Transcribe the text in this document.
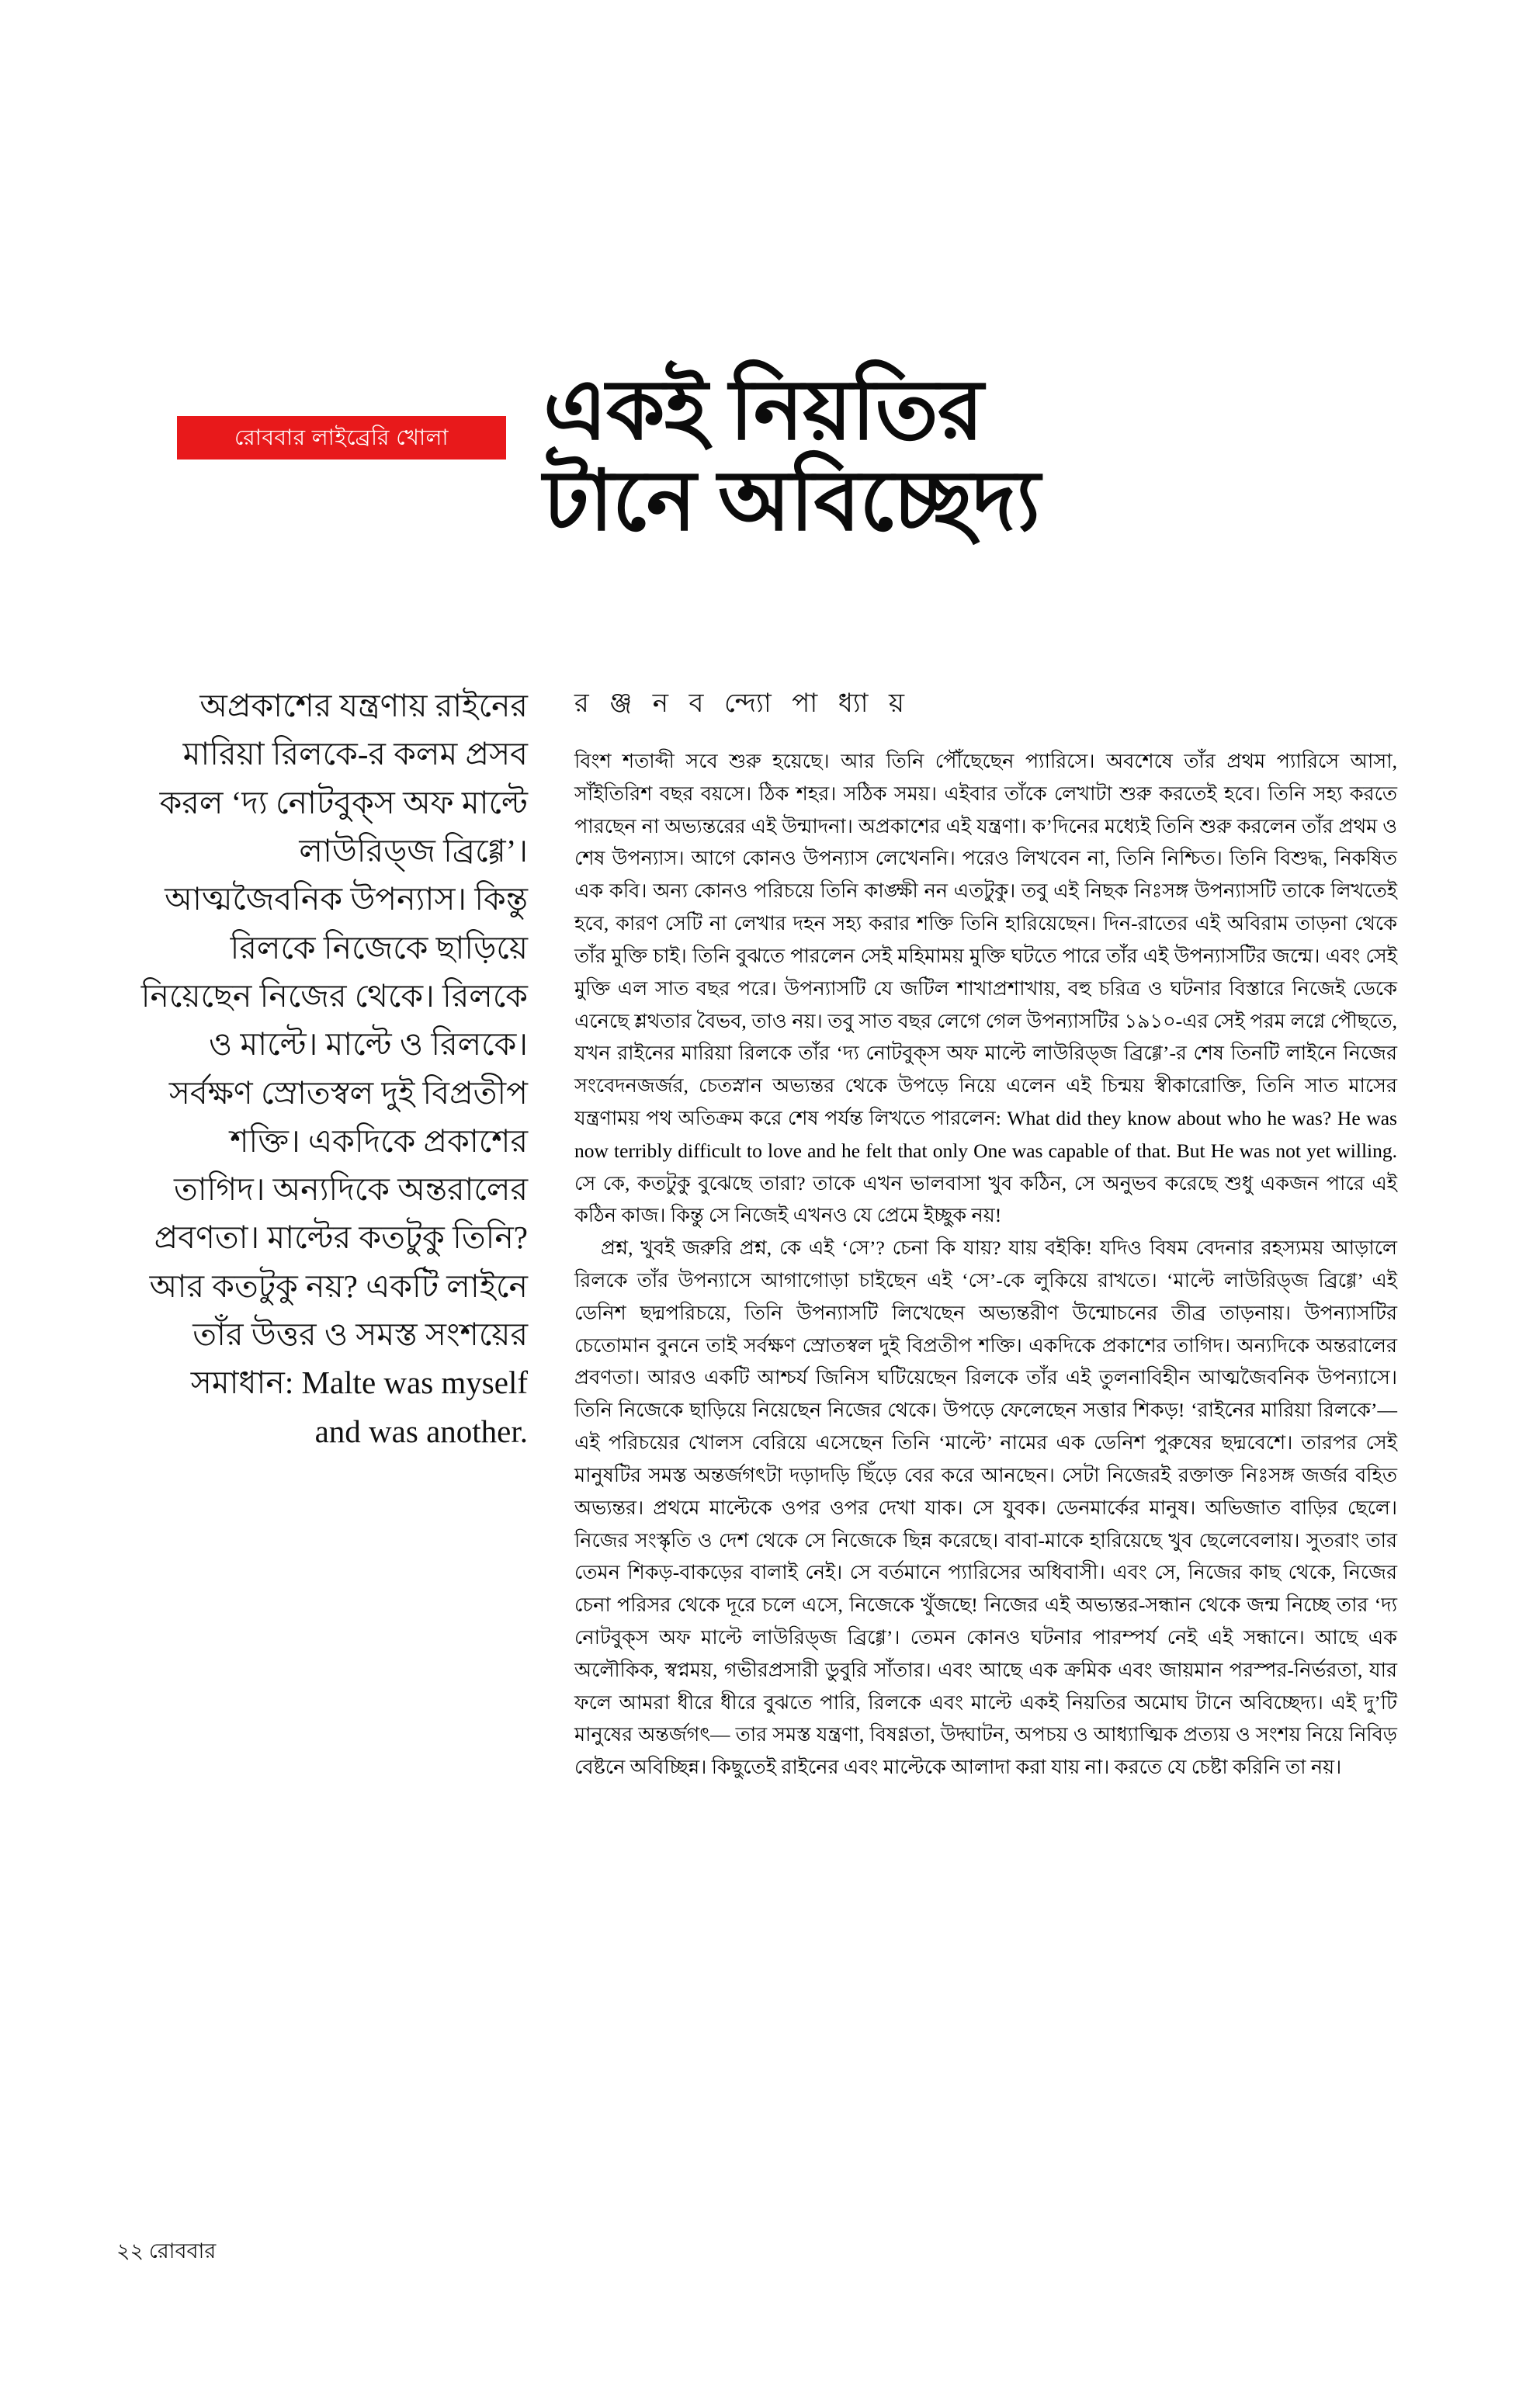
রোববার লাইব্রেরি খোলা	একই নিয়তির
টানে অবিচ্ছেদ্য
র ঞ্জ ন ব ন্দ্যো পা ধ্যা য়
অপ্রকাশের যন্ত্রণায় রাইনের মারিয়া রিলকে-র কলম প্রসব করল ‘দ্য নোটবুক্‌স অফ মাল্টে লাউরিড্‌জ ব্রিগ্গে’। আত্মজৈবনিক উপন্যাস। কিন্তু রিলকে নিজেকে ছাড়িয়ে নিয়েছেন নিজের থেকে। রিলকে ও মাল্টে। মাল্টে ও রিলকে। সর্বক্ষণ স্রোতস্বল দুই বিপ্রতীপ শক্তি। একদিকে প্রকাশের তাগিদ। অন্যদিকে অন্তরালের প্রবণতা। মাল্টের কতটুকু তিনি? আর কতটুকু নয়? একটি লাইনে তাঁর উত্তর ও সমস্ত সংশয়ের সমাধান: Malte was myself and was another.

বিংশ শতাব্দী সবে শুরু হয়েছে। আর তিনি পৌঁছেছেন প্যারিসে। অবশেষে তাঁর প্রথম প্যারিসে আসা, সাঁইতিরিশ বছর বয়সে। ঠিক শহর। সঠিক সময়। এইবার তাঁকে লেখাটা শুরু করতেই হবে। তিনি সহ্য করতে পারছেন না অভ্যন্তরের এই উন্মাদনা। অপ্রকাশের এই যন্ত্রণা। ক’দিনের মধ্যেই তিনি শুরু করলেন তাঁর প্রথম ও শেষ উপন্যাস। আগে কোনও উপন্যাস লেখেননি। পরেও লিখবেন না, তিনি নিশ্চিত। তিনি বিশুদ্ধ, নিকষিত এক কবি। অন্য কোনও পরিচয়ে তিনি কাঙ্ক্ষী নন এতটুকু। তবু এই নিছক নিঃসঙ্গ উপন্যাসটি তাকে লিখতেই হবে, কারণ সেটি না লেখার দহন সহ্য করার শক্তি তিনি হারিয়েছেন। দিন-রাতের এই অবিরাম তাড়না থেকে তাঁর মুক্তি চাই। তিনি বুঝতে পারলেন সেই মহিমাময় মুক্তি ঘটতে পারে তাঁর এই উপন্যাসটির জন্মে। এবং সেই মুক্তি এল সাত বছর পরে। উপন্যাসটি যে জটিল শাখাপ্রশাখায়, বহু চরিত্র ও ঘটনার বিস্তারে নিজেই ডেকে এনেছে শ্লথতার বৈভব, তাও নয়। তবু সাত বছর লেগে গেল উপন্যাসটির ১৯১০-এর সেই পরম লগ্নে পৌছতে, যখন রাইনের মারিয়া রিলকে তাঁর ‘দ্য নোটবুক্‌স অফ মাল্টে লাউরিড্‌জ ব্রিগ্গে’-র শেষ তিনটি লাইনে নিজের সংবেদনজর্জর, চেতস্নান অভ্যন্তর থেকে উপড়ে নিয়ে এলেন এই চিন্ময় স্বীকারোক্তি, তিনি সাত মাসের যন্ত্রণাময় পথ অতিক্রম করে শেষ পর্যন্ত লিখতে পারলেন: What did they know about who he was? He was now terribly difficult to love and he felt that only One was capable of that. But He was not yet willing. সে কে, কতটুকু বুঝেছে তারা? তাকে এখন ভালবাসা খুব কঠিন, সে অনুভব করেছে শুধু একজন পারে এই কঠিন কাজ। কিন্তু সে নিজেই এখনও যে প্রেমে ইচ্ছুক নয়!

প্রশ্ন, খুবই জরুরি প্রশ্ন, কে এই ‘সে’? চেনা কি যায়? যায় বইকি! যদিও বিষম বেদনার রহস্যময় আড়ালে রিলকে তাঁর উপন্যাসে আগাগোড়া চাইছেন এই ‘সে’-কে লুকিয়ে রাখতে। ‘মাল্টে লাউরিড্‌জ ব্রিগ্গে’ এই ডেনিশ ছদ্মপরিচয়ে, তিনি উপন্যাসটি লিখেছেন অভ্যন্তরীণ উন্মোচনের তীব্র তাড়নায়। উপন্যাসটির চেতোমান বুননে তাই সর্বক্ষণ স্রোতস্বল দুই বিপ্রতীপ শক্তি। একদিকে প্রকাশের তাগিদ। অন্যদিকে অন্তরালের প্রবণতা। আরও একটি আশ্চর্য জিনিস ঘটিয়েছেন রিলকে তাঁর এই তুলনাবিহীন আত্মজৈবনিক উপন্যাসে। তিনি নিজেকে ছাড়িয়ে নিয়েছেন নিজের থেকে। উপড়ে ফেলেছেন সত্তার শিকড়! ‘রাইনের মারিয়া রিলকে’— এই পরিচয়ের খোলস বেরিয়ে এসেছেন তিনি ‘মাল্টে’ নামের এক ডেনিশ পুরুষের ছদ্মবেশে। তারপর সেই মানুষটির সমস্ত অন্তর্জগৎটা দড়াদড়ি ছিঁড়ে বের করে আনছেন। সেটা নিজেরই রক্তাক্ত নিঃসঙ্গ জর্জর বহিত অভ্যন্তর। প্রথমে মাল্টেকে ওপর ওপর দেখা যাক। সে যুবক। ডেনমার্কের মানুষ। অভিজাত বাড়ির ছেলে। নিজের সংস্কৃতি ও দেশ থেকে সে নিজেকে ছিন্ন করেছে। বাবা-মাকে হারিয়েছে খুব ছেলেবেলায়। সুতরাং তার তেমন শিকড়-বাকড়ের বালাই নেই। সে বর্তমানে প্যারিসের অধিবাসী। এবং সে, নিজের কাছ থেকে, নিজের চেনা পরিসর থেকে দূরে চলে এসে, নিজেকে খুঁজছে! নিজের এই অভ্যন্তর-সন্ধান থেকে জন্ম নিচ্ছে তার ‘দ্য নোটবুক্‌স অফ মাল্টে লাউরিড্‌জ ব্রিগ্গে’। তেমন কোনও ঘটনার পারম্পর্য নেই এই সন্ধানে। আছে এক অলৌকিক, স্বপ্নময়, গভীরপ্রসারী ডুবুরি সাঁতার। এবং আছে এক ক্রমিক এবং জায়মান পরস্পর-নির্ভরতা, যার ফলে আমরা ধীরে ধীরে বুঝতে পারি, রিলকে এবং মাল্টে একই নিয়তির অমোঘ টানে অবিচ্ছেদ্য। এই দু’টি মানুষের অন্তর্জগৎ— তার সমস্ত যন্ত্রণা, বিষণ্ণতা, উদ্ঘাটন, অপচয় ও আধ্যাত্মিক প্রত্যয় ও সংশয় নিয়ে নিবিড় বেষ্টনে অবিচ্ছিন্ন। কিছুতেই রাইনের এবং মাল্টেকে আলাদা করা যায় না। করতে যে চেষ্টা করিনি তা নয়।

২২ রোববার
